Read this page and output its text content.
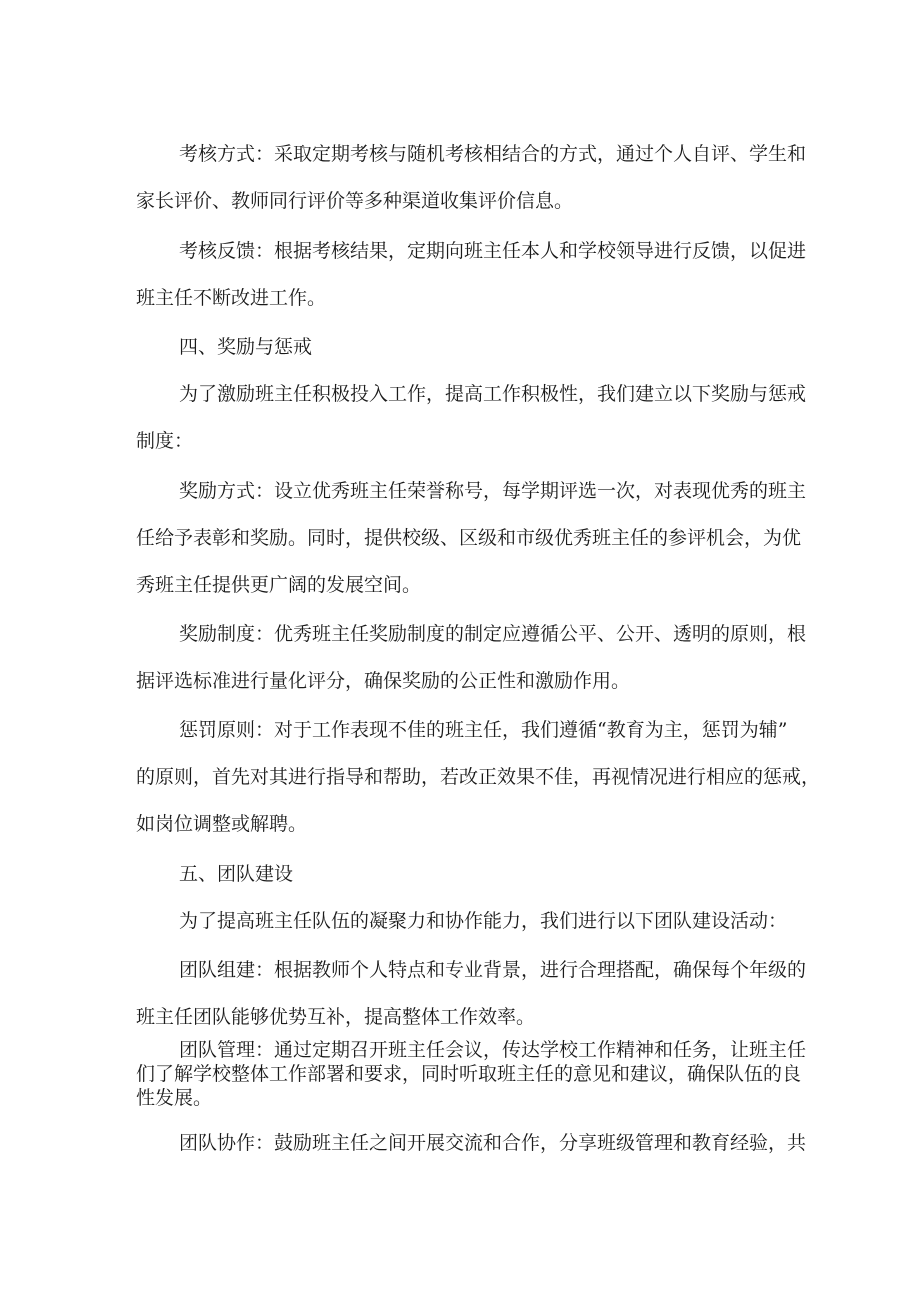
考核方式：采取定期考核与随机考核相结合的方式，通过个人自评、学生和
家长评价、教师同行评价等多种渠道收集评价信息。
考核反馈：根据考核结果，定期向班主任本人和学校领导进行反馈，以促进
班主任不断改进工作。
四、奖励与惩戒
为了激励班主任积极投入工作，提高工作积极性，我们建立以下奖励与惩戒
制度：
奖励方式：设立优秀班主任荣誉称号，每学期评选一次，对表现优秀的班主
任给予表彰和奖励。同时，提供校级、区级和市级优秀班主任的参评机会，为优
秀班主任提供更广阔的发展空间。
奖励制度：优秀班主任奖励制度的制定应遵循公平、公开、透明的原则，根
据评选标准进行量化评分，确保奖励的公正性和激励作用。
惩罚原则：对于工作表现不佳的班主任，我们遵循“教育为主，惩罚为辅”
的原则，首先对其进行指导和帮助，若改正效果不佳，再视情况进行相应的惩戒，
如岗位调整或解聘。
五、团队建设
为了提高班主任队伍的凝聚力和协作能力，我们进行以下团队建设活动：
团队组建：根据教师个人特点和专业背景，进行合理搭配，确保每个年级的
班主任团队能够优势互补，提高整体工作效率。
团队管理：通过定期召开班主任会议，传达学校工作精神和任务，让班主任
们了解学校整体工作部署和要求，同时听取班主任的意见和建议，确保队伍的良
性发展。
团队协作：鼓励班主任之间开展交流和合作，分享班级管理和教育经验，共
